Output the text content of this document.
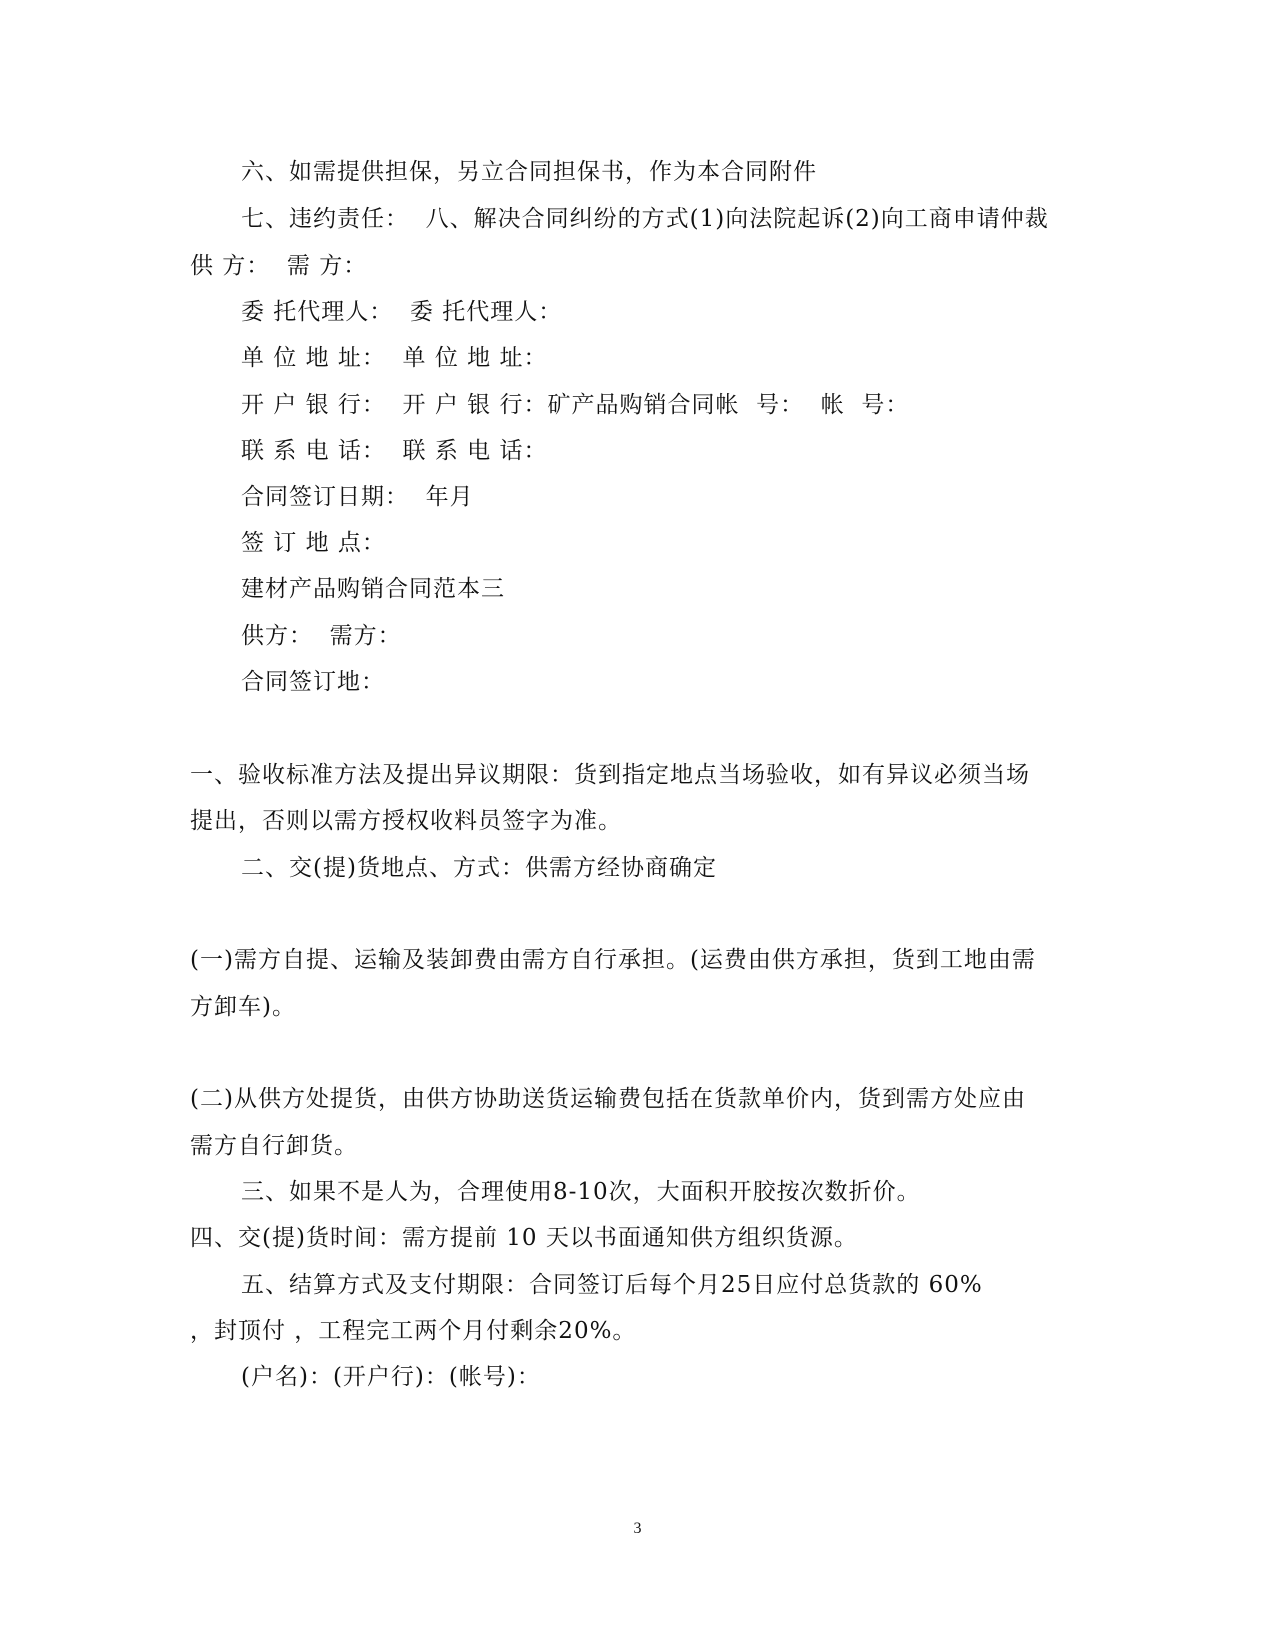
六、如需提供担保，另立合同担保书，作为本合同附件
七、违约责任：  八、解决合同纠纷的方式(1)向法院起诉(2)向工商申请仲裁
供 方：  需 方：
委 托代理人：  委 托代理人：
单 位 地 址：  单 位 地 址：
开 户 银 行：  开 户 银 行：矿产品购销合同帐  号：  帐  号：
联 系 电 话：  联 系 电 话：
合同签订日期：  年月
签 订 地 点：
建材产品购销合同范本三
供方：  需方：
合同签订地：
一、验收标准方法及提出异议期限：货到指定地点当场验收，如有异议必须当场
提出，否则以需方授权收料员签字为准。
二、交(提)货地点、方式：供需方经协商确定
(一)需方自提、运输及装卸费由需方自行承担。(运费由供方承担，货到工地由需
方卸车)。
(二)从供方处提货，由供方协助送货运输费包括在货款单价内，货到需方处应由
需方自行卸货。
三、如果不是人为，合理使用8-10次，大面积开胶按次数折价。
四、交(提)货时间：需方提前 10 天以书面通知供方组织货源。
五、结算方式及支付期限：合同签订后每个月25日应付总货款的 60%
，封顶付 ，工程完工两个月付剩余20%。
(户名)：(开户行)：(帐号)：
3
